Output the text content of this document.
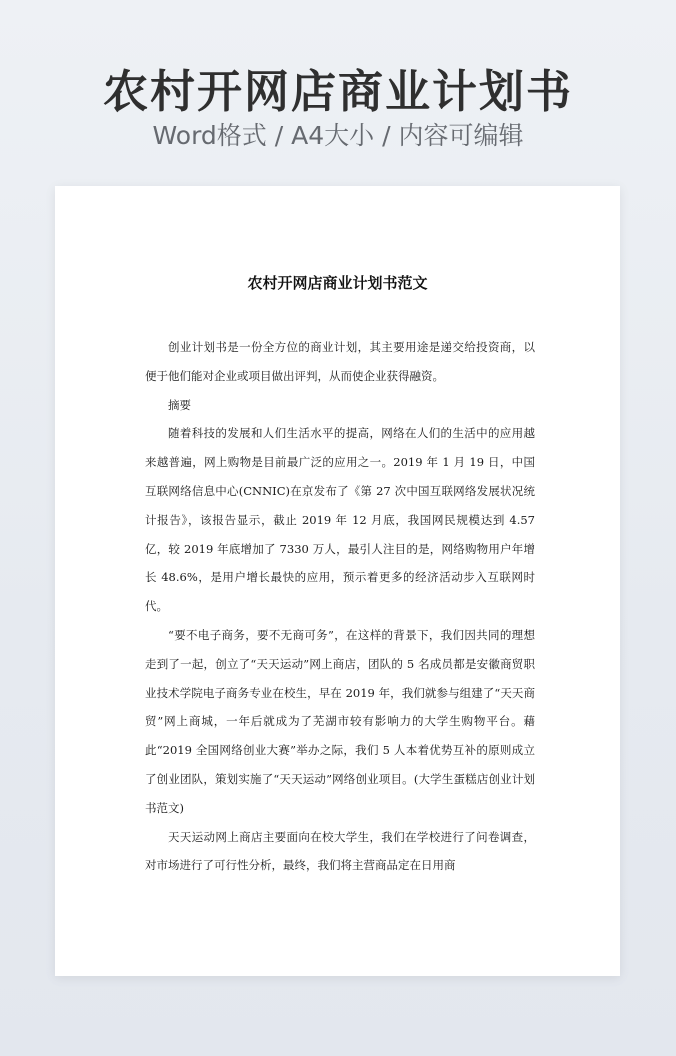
农村开网店商业计划书
Word格式 / A4大小 / 内容可编辑
农村开网店商业计划书范文

创业计划书是一份全方位的商业计划，其主要用途是递交给投资商，以便于他们能对企业或项目做出评判，从而使企业获得融资。

摘要

随着科技的发展和人们生活水平的提高，网络在人们的生活中的应用越来越普遍，网上购物是目前最广泛的应用之一。2019 年 1 月 19 日，中国互联网络信息中心(CNNIC)在京发布了《第 27 次中国互联网络发展状况统计报告》，该报告显示，截止 2019 年 12 月底，我国网民规模达到 4.57 亿，较 2019 年底增加了 7330 万人，最引人注目的是，网络购物用户年增长 48.6%，是用户增长最快的应用，预示着更多的经济活动步入互联网时代。

“要不电子商务，要不无商可务”，在这样的背景下，我们因共同的理想走到了一起，创立了“天天运动”网上商店，团队的 5 名成员都是安徽商贸职业技术学院电子商务专业在校生，早在 2019 年，我们就参与组建了“天天商贸”网上商城，一年后就成为了芜湖市较有影响力的大学生购物平台。藉此“2019 全国网络创业大赛”举办之际，我们 5 人本着优势互补的原则成立了创业团队，策划实施了“天天运动”网络创业项目。(大学生蛋糕店创业计划书范文)

天天运动网上商店主要面向在校大学生，我们在学校进行了问卷调查，对市场进行了可行性分析，最终，我们将主营商品定在日用商
